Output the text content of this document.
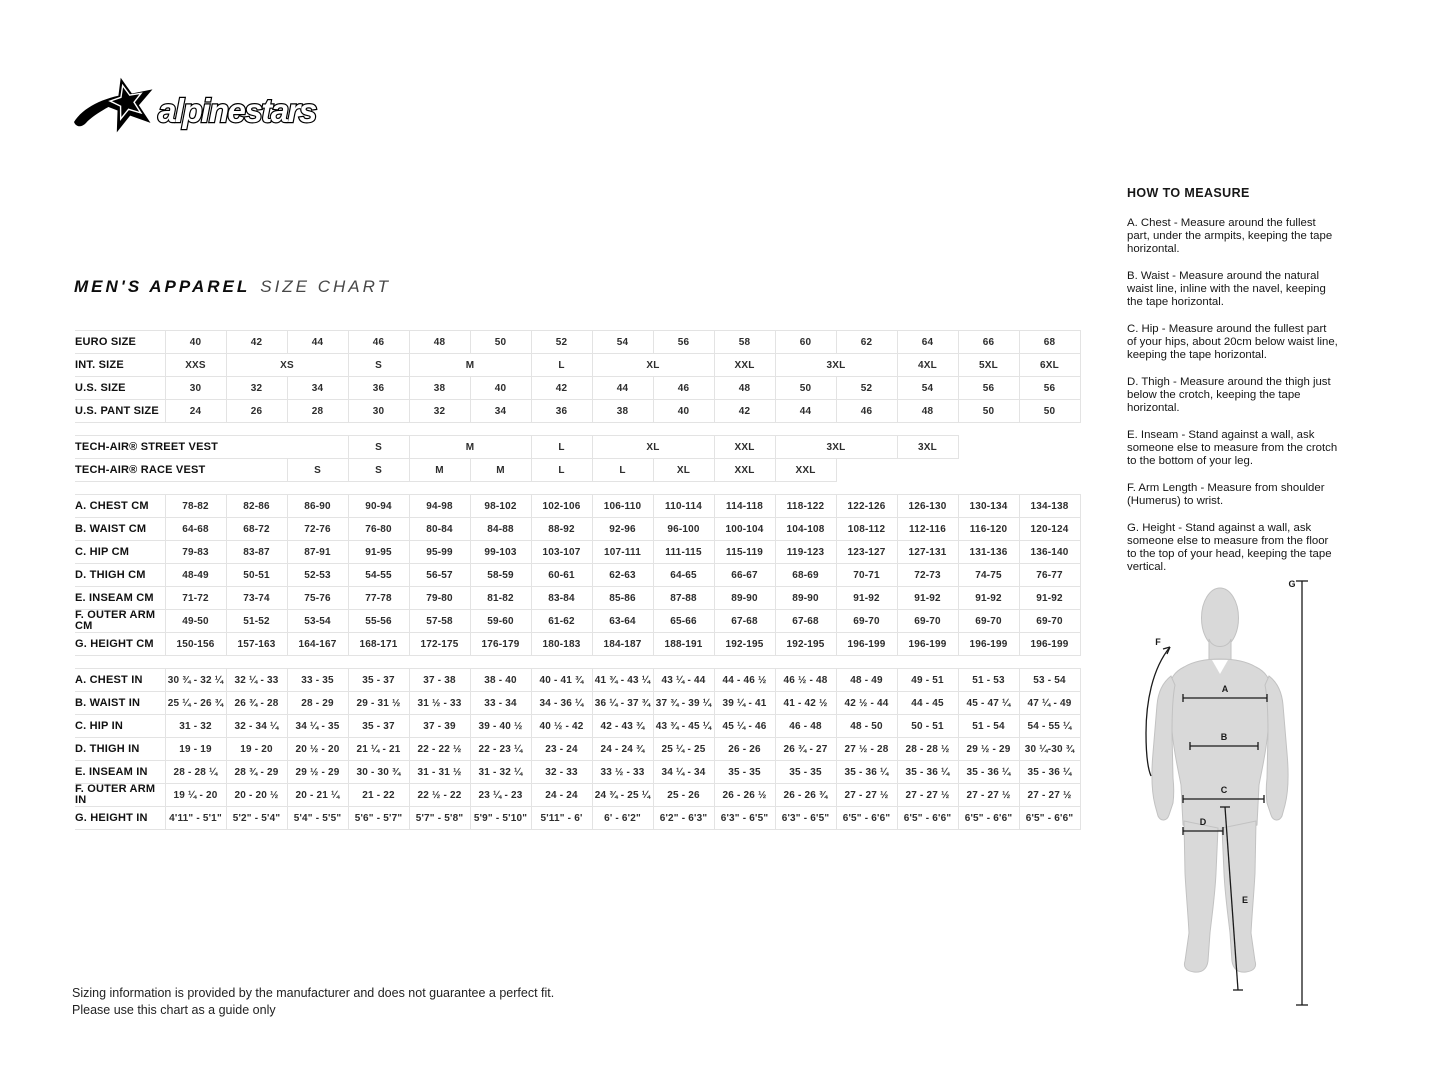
alpinestars
MEN'S APPAREL SIZE CHART
EURO SIZE	40	42	44	46	48	50	52	54	56	58	60	62	64	66	68
INT. SIZE	XXS	XS		S	M		L	XL		XXL	3XL		4XL	5XL	6XL
U.S. SIZE	30	32	34	36	38	40	42	44	46	48	50	52	54	56	56
U.S. PANT SIZE	24	26	28	30	32	34	36	38	40	42	44	46	48	50	50

TECH-AIR® STREET VEST				S	M		L	XL		XXL	3XL		3XL		
TECH-AIR® RACE VEST			S	S	M	M	L	L	XL	XXL	XXL				

A. CHEST CM	78-82	82-86	86-90	90-94	94-98	98-102	102-106	106-110	110-114	114-118	118-122	122-126	126-130	130-134	134-138
B. WAIST CM	64-68	68-72	72-76	76-80	80-84	84-88	88-92	92-96	96-100	100-104	104-108	108-112	112-116	116-120	120-124
C. HIP CM	79-83	83-87	87-91	91-95	95-99	99-103	103-107	107-111	111-115	115-119	119-123	123-127	127-131	131-136	136-140
D. THIGH CM	48-49	50-51	52-53	54-55	56-57	58-59	60-61	62-63	64-65	66-67	68-69	70-71	72-73	74-75	76-77
E. INSEAM CM	71-72	73-74	75-76	77-78	79-80	81-82	83-84	85-86	87-88	89-90	89-90	91-92	91-92	91-92	91-92
F. OUTER ARM CM	49-50	51-52	53-54	55-56	57-58	59-60	61-62	63-64	65-66	67-68	67-68	69-70	69-70	69-70	69-70
G. HEIGHT CM	150-156	157-163	164-167	168-171	172-175	176-179	180-183	184-187	188-191	192-195	192-195	196-199	196-199	196-199	196-199

A. CHEST IN	30 ¾ - 32 ¼	32 ¼ - 33	33 - 35	35 - 37	37 - 38	38 - 40	40 - 41 ¾	41 ¾ - 43 ¼	43 ¼ - 44	44 - 46 ½	46 ½ - 48	48 - 49	49 - 51	51 - 53	53 - 54
B. WAIST IN	25 ¼ - 26 ¾	26 ¾ - 28	28 - 29	29 - 31 ½	31 ½ - 33	33 - 34	34 - 36 ¼	36 ¼ - 37 ¾	37 ¾ - 39 ¼	39 ¼ - 41	41 - 42 ½	42 ½ - 44	44 - 45	45 - 47 ¼	47 ¼ - 49
C. HIP IN	31 - 32	32 - 34 ¼	34 ¼ - 35	35 - 37	37 - 39	39 - 40 ½	40 ½ - 42	42 - 43 ¾	43 ¾ - 45 ¼	45 ¼ - 46	46 - 48	48 - 50	50 - 51	51 - 54	54 - 55 ¼
D. THIGH IN	19 - 19	19 - 20	20 ½ - 20	21 ¼ - 21	22 - 22 ½	22 - 23 ¼	23 - 24	24 - 24 ¾	25 ¼ - 25	26 - 26	26 ¾ - 27	27 ½ - 28	28 - 28 ½	29 ½ - 29	30 ¼-30 ¾
E. INSEAM IN	28 - 28 ¼	28 ¾ - 29	29 ½ - 29	30 - 30 ¾	31 - 31 ½	31 - 32 ¼	32 - 33	33 ½ - 33	34 ¼ - 34	35 - 35	35 - 35	35 - 36 ¼	35 - 36 ¼	35 - 36 ¼	35 - 36 ¼
F. OUTER ARM IN	19 ¼ - 20	20 - 20 ½	20 - 21 ¼	21 - 22	22 ½ - 22	23 ¼ - 23	24 - 24	24 ¾ - 25 ¼	25 - 26	26 - 26 ½	26 - 26 ¾	27 - 27 ½	27 - 27 ½	27 - 27 ½	27 - 27 ½
G. HEIGHT IN	4'11" - 5'1"	5'2" - 5'4"	5'4" - 5'5"	5'6" - 5'7"	5'7" - 5'8"	5'9" - 5'10"	5'11" - 6'	6' - 6'2"	6'2" - 6'3"	6'3" - 6'5"	6'3" - 6'5"	6'5" - 6'6"	6'5" - 6'6"	6'5" - 6'6"	6'5" - 6'6"
HOW TO MEASURE

A. Chest - Measure around the fullest part, under the armpits, keeping the tape horizontal.

B. Waist - Measure around the natural waist line, inline with the navel, keeping the tape horizontal.

C. Hip - Measure around the fullest part of your hips, about 20cm below waist line, keeping the tape horizontal.

D. Thigh - Measure around the thigh just below the crotch, keeping the tape horizontal.

E. Inseam - Stand against a wall, ask someone else to measure from the crotch to the bottom of your leg.

F. Arm Length - Measure from shoulder (Humerus) to wrist.

G. Height - Stand against a wall, ask someone else to measure from the floor to the top of your head, keeping the tape vertical.

A
B
C
D
E
F
G
Sizing information is provided by the manufacturer and does not guarantee a perfect fit.
Please use this chart as a guide only
